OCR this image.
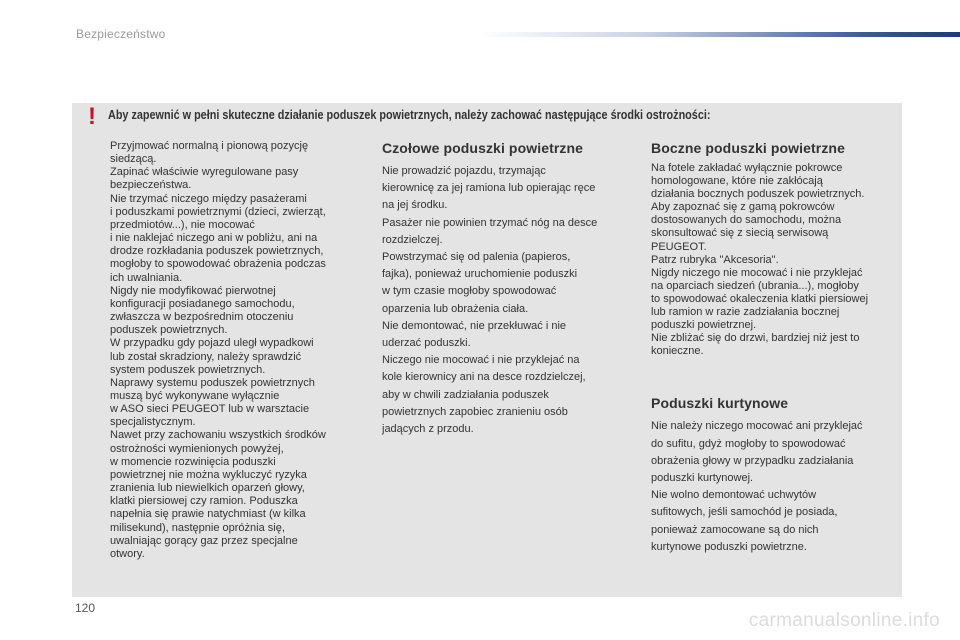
Bezpieczeństwo
! Aby zapewnić w pełni skuteczne działanie poduszek powietrznych, należy zachować następujące środki ostrożności:

Przyjmować normalną i pionową pozycję

siedzącą.

Zapinać właściwie wyregulowane pasy

bezpieczeństwa.

Nie trzymać niczego między pasażerami

i poduszkami powietrznymi (dzieci, zwierząt,

przedmiotów...), nie mocować

i nie naklejać niczego ani w pobliżu, ani na

drodze rozkładania poduszek powietrznych,

mogłoby to spowodować obrażenia podczas

ich uwalniania.

Nigdy nie modyfikować pierwotnej

konfiguracji posiadanego samochodu,

zwłaszcza w bezpośrednim otoczeniu

poduszek powietrznych.

W przypadku gdy pojazd uległ wypadkowi

lub został skradziony, należy sprawdzić

system poduszek powietrznych.

Naprawy systemu poduszek powietrznych

muszą być wykonywane wyłącznie

w ASO sieci PEUGEOT lub w warsztacie

specjalistycznym.

Nawet przy zachowaniu wszystkich środków

ostrożności wymienionych powyżej,

w momencie rozwinięcia poduszki

powietrznej nie można wykluczyć ryzyka

zranienia lub niewielkich oparzeń głowy,

klatki piersiowej czy ramion. Poduszka

napełnia się prawie natychmiast (w kilka

milisekund), następnie opróżnia się,

uwalniając gorący gaz przez specjalne

otwory.

Czołowe poduszki powietrzne

Nie prowadzić pojazdu, trzymając

kierownicę za jej ramiona lub opierając ręce

na jej środku.

Pasażer nie powinien trzymać nóg na desce

rozdzielczej.

Powstrzymać się od palenia (papieros,

fajka), ponieważ uruchomienie poduszki

w tym czasie mogłoby spowodować

oparzenia lub obrażenia ciała.

Nie demontować, nie przekłuwać i nie

uderzać poduszki.

Niczego nie mocować i nie przyklejać na

kole kierownicy ani na desce rozdzielczej,

aby w chwili zadziałania poduszek

powietrznych zapobiec zranieniu osób

jadących z przodu.

Boczne poduszki powietrzne

Na fotele zakładać wyłącznie pokrowce

homologowane, które nie zakłócają

działania bocznych poduszek powietrznych.

Aby zapoznać się z gamą pokrowców

dostosowanych do samochodu, można

skonsultować się z siecią serwisową

PEUGEOT.

Patrz rubryka "Akcesoria".

Nigdy niczego nie mocować i nie przyklejać

na oparciach siedzeń (ubrania...), mogłoby

to spowodować okaleczenia klatki piersiowej

lub ramion w razie zadziałania bocznej

poduszki powietrznej.

Nie zbliżać się do drzwi, bardziej niż jest to

konieczne.

Poduszki kurtynowe

Nie należy niczego mocować ani przyklejać

do sufitu, gdyż mogłoby to spowodować

obrażenia głowy w przypadku zadziałania

poduszki kurtynowej.

Nie wolno demontować uchwytów

sufitowych, jeśli samochód je posiada,

ponieważ zamocowane są do nich

kurtynowe poduszki powietrzne.

120
carmanualsonline.info
